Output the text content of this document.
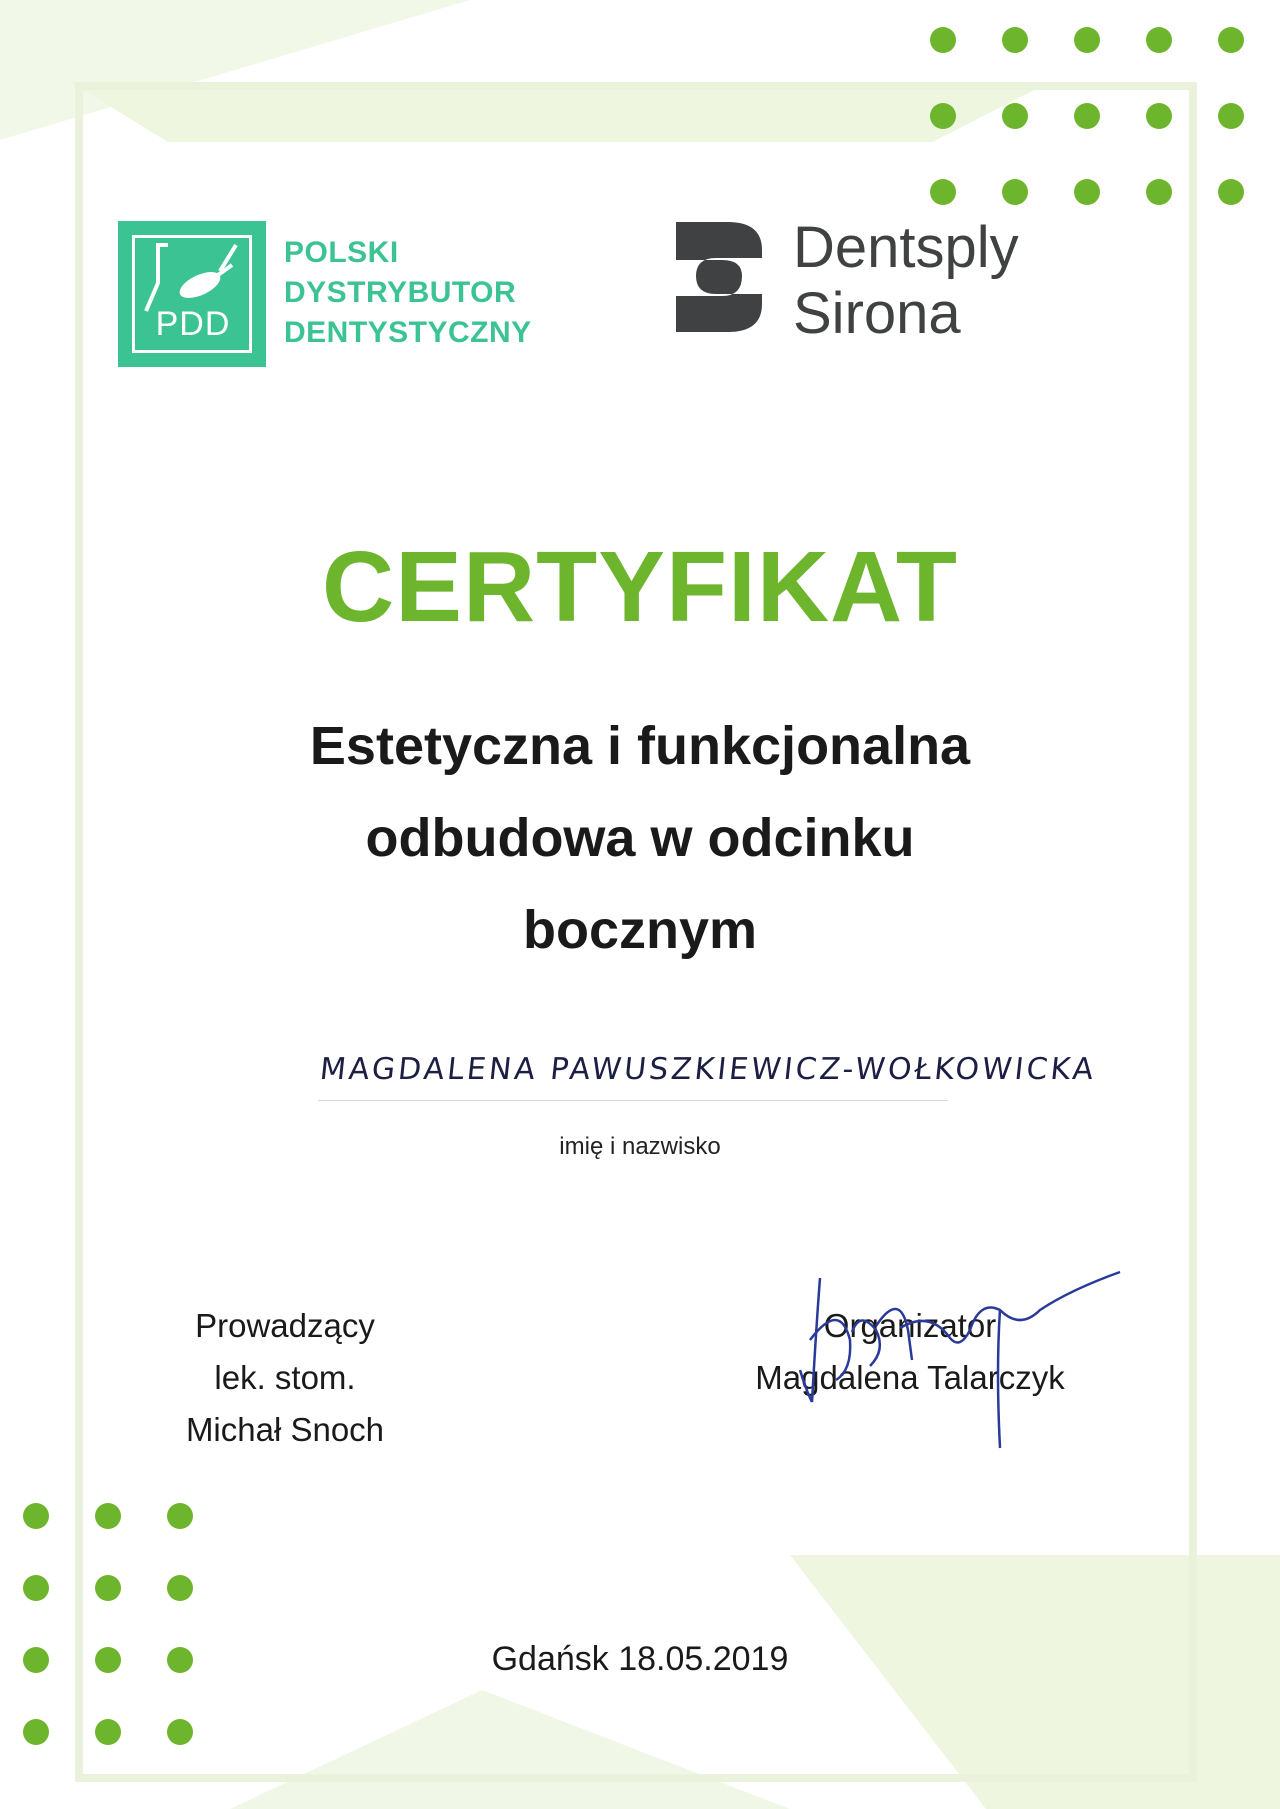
PDD
POLSKI
DYSTRYBUTOR
DENTYSTYCZNY
Dentsply
Sirona
CERTYFIKAT
Estetyczna i funkcjonalna
odbudowa w odcinku
bocznym
MAGDALENA PAWUSZKIEWICZ-WOŁKOWICKA
imię i nazwisko
Prowadzący
lek. stom.
Michał Snoch
Organizator
Magdalena Talarczyk
Gdańsk 18.05.2019
